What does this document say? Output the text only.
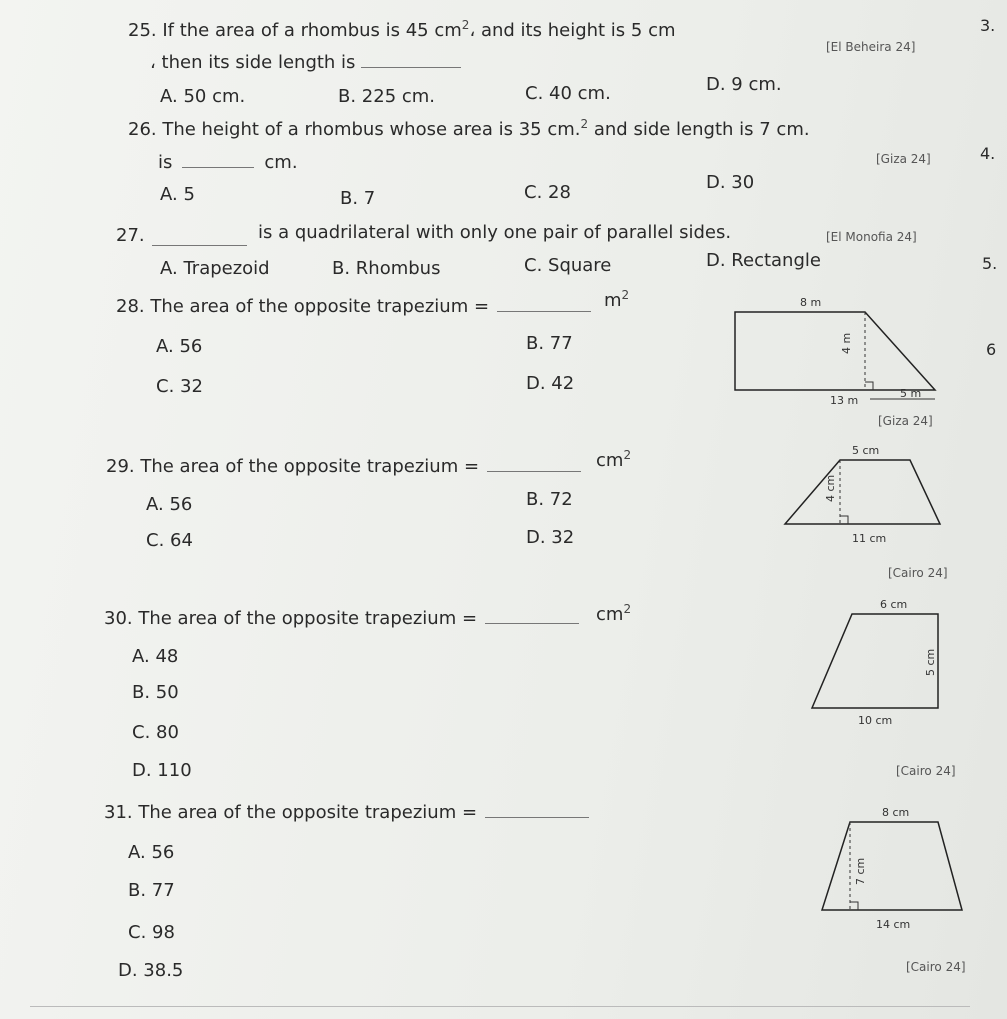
25. If the area of a rhombus is 45 $cm^2،$ and its height is 5 cm
، then its side length is
[El Beheira 24]
A. 50 cm.	B. 225 cm.	C. 40 cm.	D. 9 cm.
26. The height of a rhombus whose area is 35 cm.$^2$ and side length is 7 cm.
is	cm.	[Giza 24]
A. 5	B. 7	C. 28	D. 30
27.	is a quadrilateral with only one pair of parallel sides.	[El Monofia 24]
A. Trapezoid	B. Rhombus	C. Square	D. Rectangle
28. The area of the opposite trapezium =	$m^2$
A. 56	B. 77
C. 32	D. 42
8 m
4 m
13 m
5 m
[Giza 24]
29. The area of the opposite trapezium =	$cm^2$
A. 56	B. 72
C. 64	D. 32
5 cm
4 cm
11 cm
[Cairo 24]
30. The area of the opposite trapezium =	$cm^2$
A. 48
B. 50
C. 80
D. 110
6 cm
5 cm
10 cm
[Cairo 24]
31. The area of the opposite trapezium =
A. 56
B. 77
C. 98
D. 38.5
8 cm
7 cm
14 cm
[Cairo 24]
3.
4.
5.
6
